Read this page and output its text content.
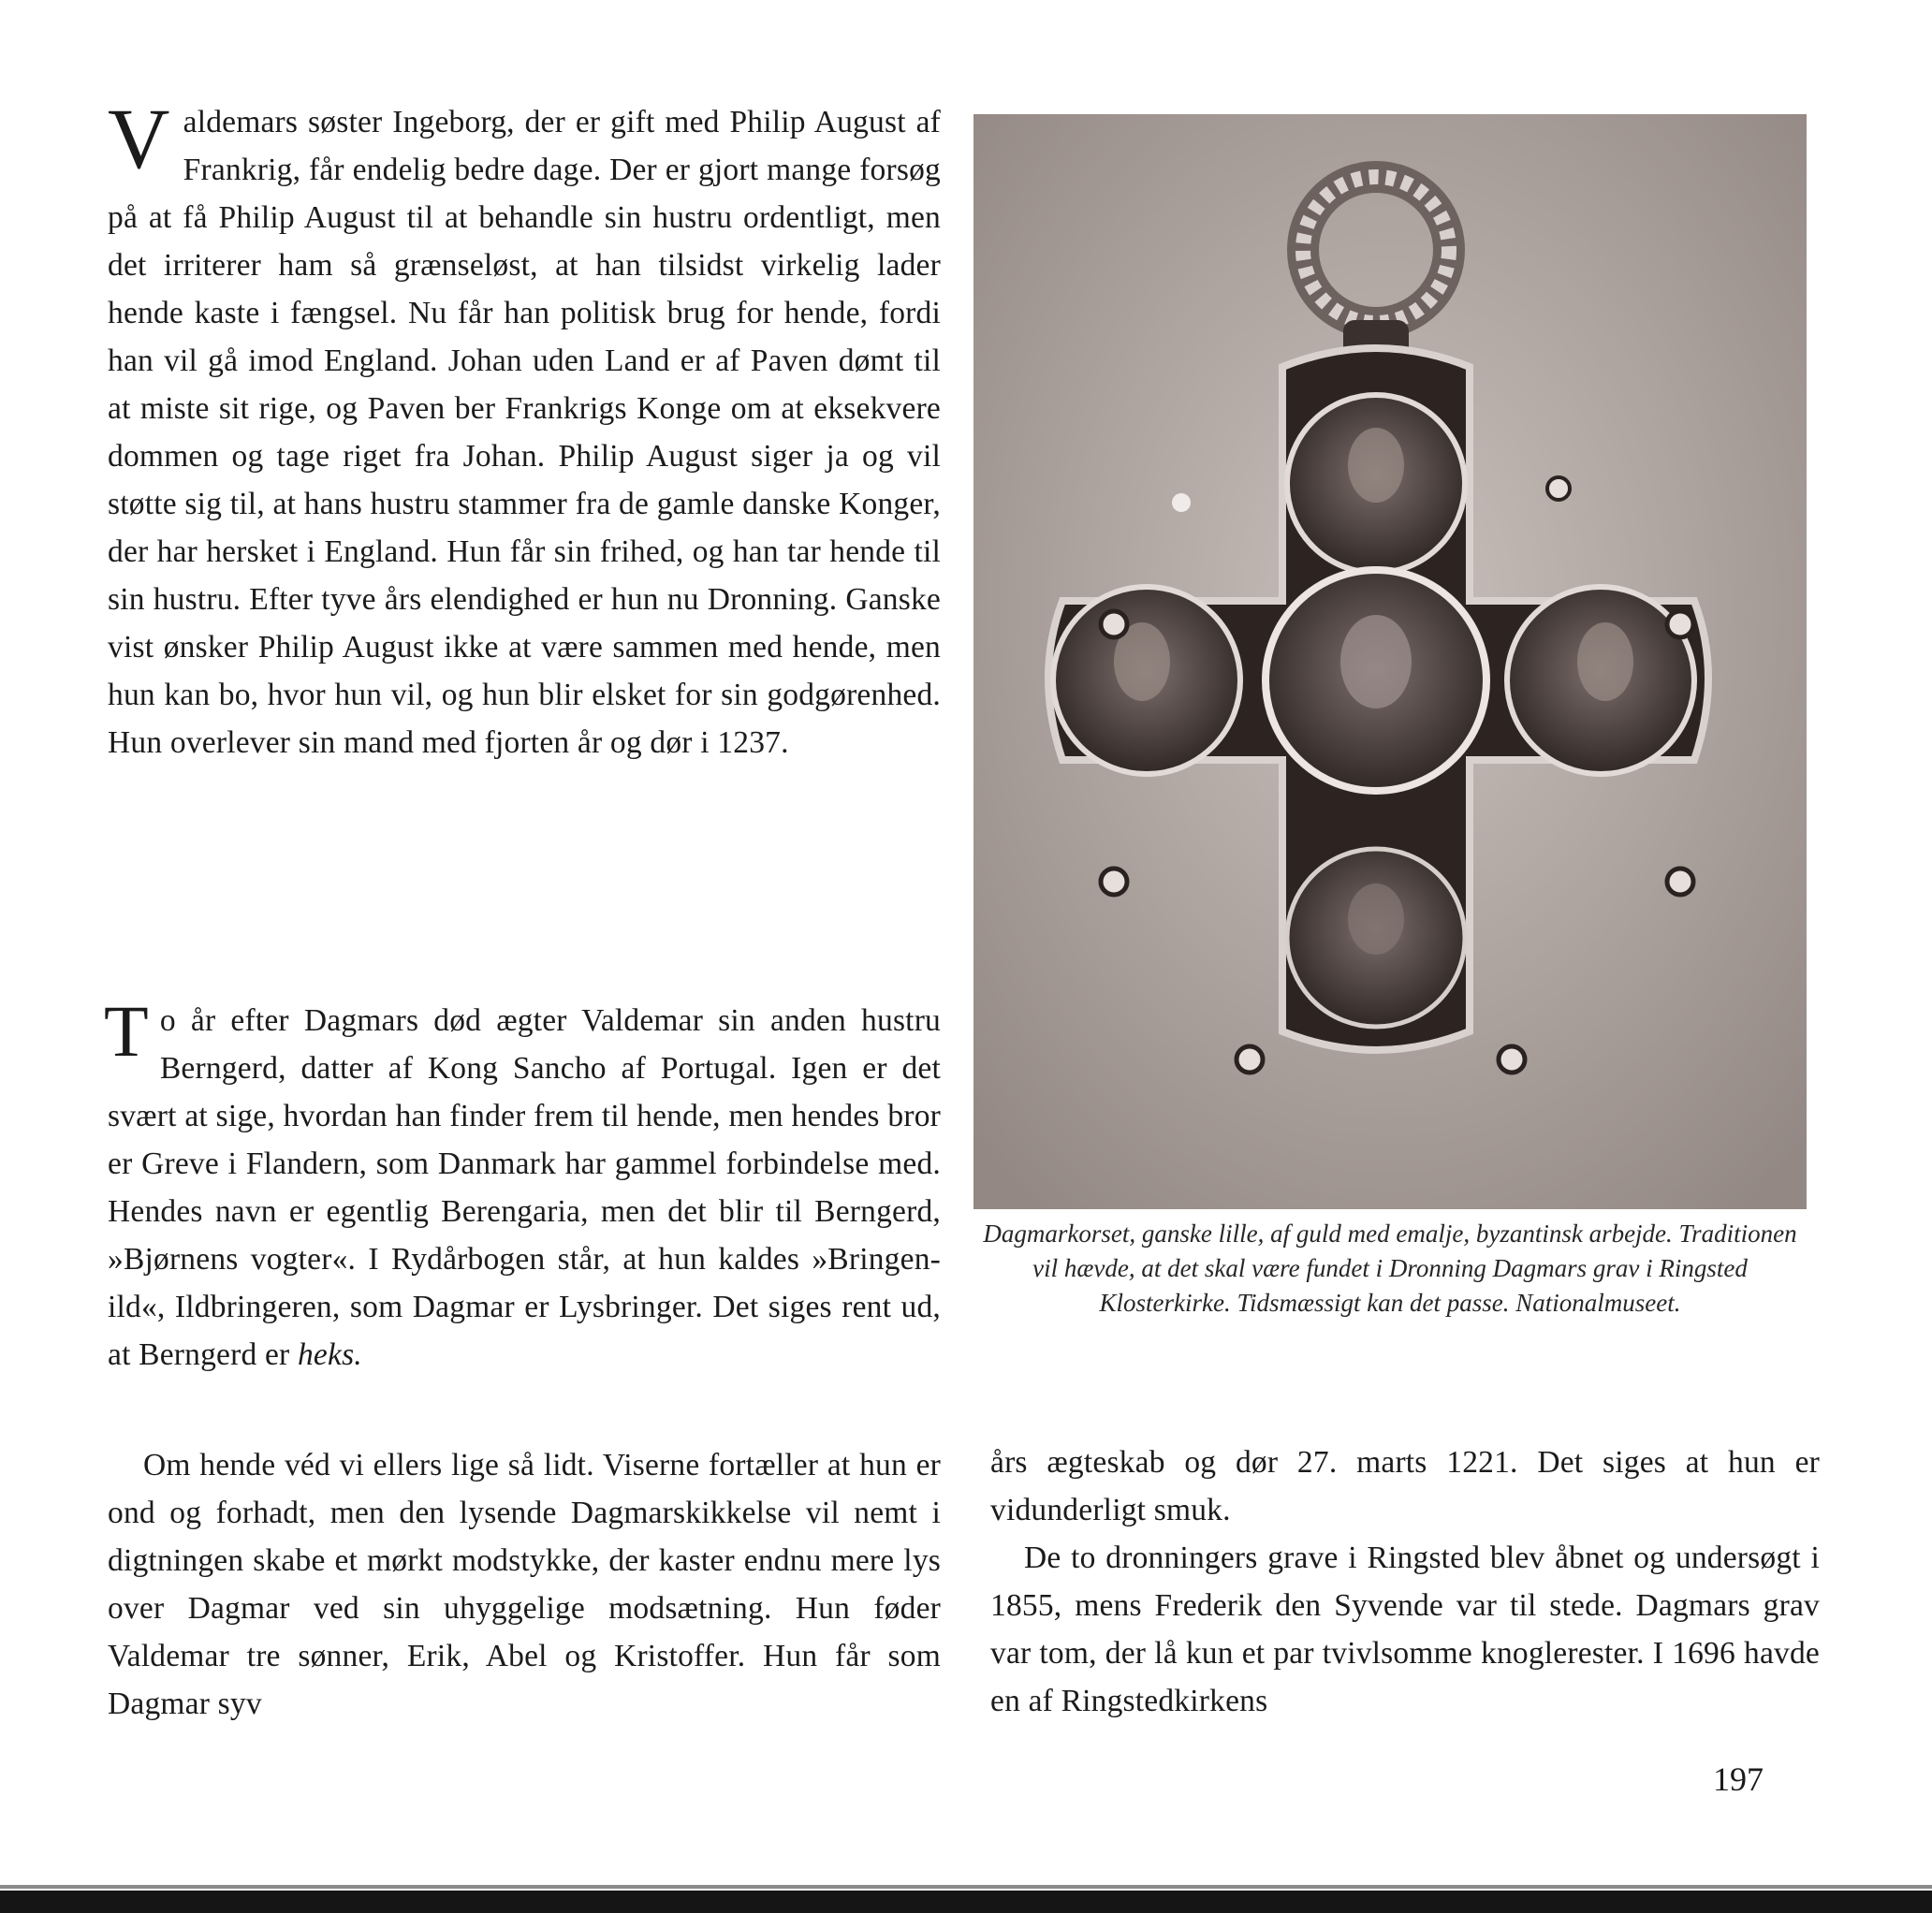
Valdemars søster Ingeborg, der er gift med Philip August af Frankrig, får endelig bedre dage. Der er gjort mange forsøg på at få Philip August til at behandle sin hustru ordentligt, men det irriterer ham så grænseløst, at han tilsidst virkelig lader hende kaste i fængsel. Nu får han politisk brug for hende, fordi han vil gå imod England. Johan uden Land er af Paven dømt til at miste sit rige, og Paven ber Frankrigs Konge om at eksekvere dommen og tage riget fra Johan. Philip August siger ja og vil støtte sig til, at hans hustru stammer fra de gamle danske Konger, der har hersket i England. Hun får sin frihed, og han tar hende til sin hustru. Efter tyve års elendighed er hun nu Dronning. Ganske vist ønsker Philip August ikke at være sammen med hende, men hun kan bo, hvor hun vil, og hun blir elsket for sin godgørenhed. Hun overlever sin mand med fjorten år og dør i 1237.

To år efter Dagmars død ægter Valdemar sin anden hustru Berngerd, datter af Kong Sancho af Portugal. Igen er det svært at sige, hvordan han finder frem til hende, men hendes bror er Greve i Flandern, som Danmark har gammel forbindelse med. Hendes navn er egentlig Berengaria, men det blir til Berngerd, »Bjørnens vogter«. I Rydårbogen står, at hun kaldes »Bringen-ild«, Ildbringeren, som Dagmar er Lysbringer. Det siges rent ud, at Berngerd er heks.

Om hende véd vi ellers lige så lidt. Viserne fortæller at hun er ond og forhadt, men den lysende Dagmarskikkelse vil nemt i digtningen skabe et mørkt modstykke, der kaster endnu mere lys over Dagmar ved sin uhyggelige modsætning. Hun føder Valdemar tre sønner, Erik, Abel og Kristoffer. Hun får som Dagmar syv

Dagmarkorset, ganske lille, af guld med emalje, byzantinsk arbejde. Traditionen vil hævde, at det skal være fundet i Dronning Dagmars grav i Ringsted Klosterkirke. Tidsmæssigt kan det passe. Nationalmuseet.

års ægteskab og dør 27. marts 1221. Det siges at hun er vidunderligt smuk.

De to dronningers grave i Ringsted blev åbnet og undersøgt i 1855, mens Frederik den Syvende var til stede. Dagmars grav var tom, der lå kun et par tvivlsomme knoglerester. I 1696 havde en af Ringstedkirkens

197
